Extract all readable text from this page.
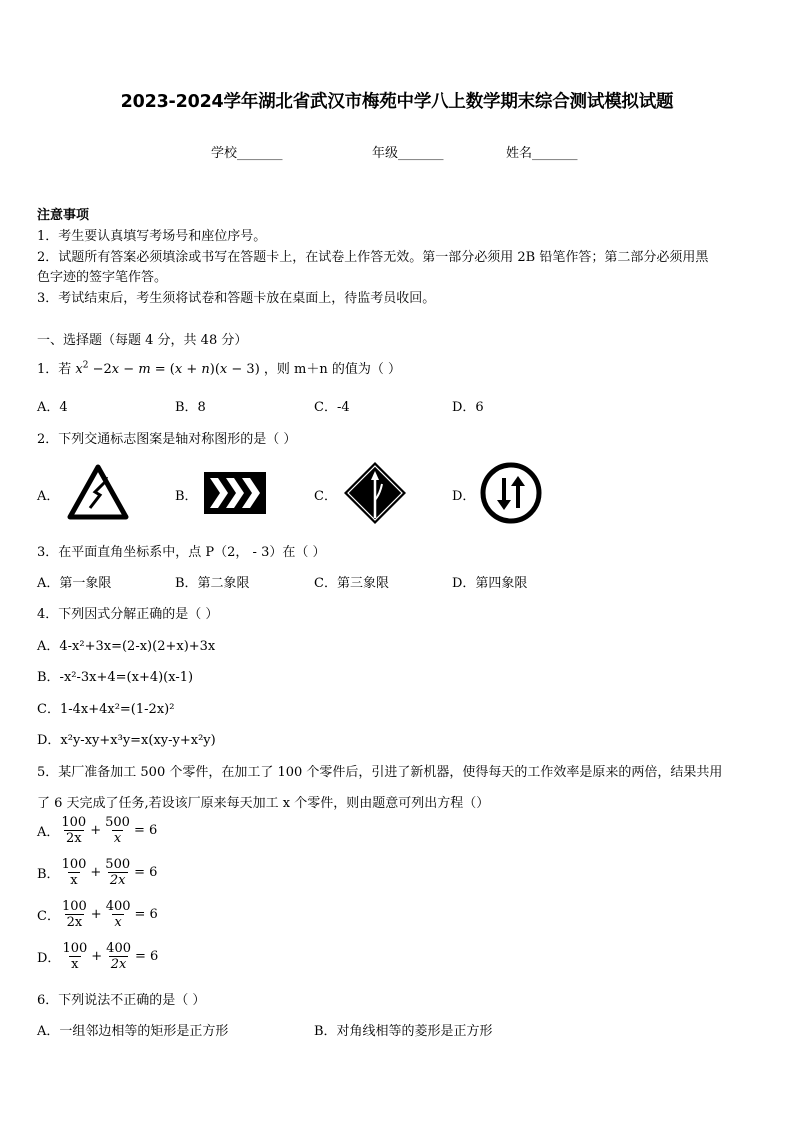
2023-2024学年湖北省武汉市梅苑中学八上数学期末综合测试模拟试题
学校_______	年级_______	姓名_______
注意事项
1．考生要认真填写考场号和座位序号。
2．试题所有答案必须填涂或书写在答题卡上，在试卷上作答无效。第一部分必须用 2B 铅笔作答；第二部分必须用黑
色字迹的签字笔作答。
3．考试结束后，考生须将试卷和答题卡放在桌面上，待监考员收回。
一、选择题（每题 4 分，共 48 分）
1．若 $x^2 -2x - m = (x + n)(x - 3)$ ，则 m＋n 的值为（ ）
A．4	B．8	C．-4	D．6
2．下列交通标志图案是轴对称图形的是（ ）
A．	B．	C．	D．
3．在平面直角坐标系中，点 P（2， - 3）在（ ）
A．第一象限	B．第二象限	C．第三象限	D．第四象限
4．下列因式分解正确的是（ ）
A．4-x²+3x=(2-x)(2+x)+3x
B．-x²-3x+4=(x+4)(x-1)
C．1-4x+4x²=(1-2x)²
D．x²y-xy+x³y=x(xy-y+x²y)
5．某厂准备加工 500 个零件，在加工了 100 个零件后，引进了新机器，使得每天的工作效率是原来的两倍，结果共用
了 6 天完成了任务,若设该厂原来每天加工 x 个零件，则由题意可列出方程（）
A． $\frac{100}{2x} + \frac{500}{x} = 6$
B． $\frac{100}{x} + \frac{500}{2x} = 6$
C． $\frac{100}{2x} + \frac{400}{x} = 6$
D． $\frac{100}{x} + \frac{400}{2x} = 6$
6．下列说法不正确的是（ ）
A．一组邻边相等的矩形是正方形	B．对角线相等的菱形是正方形
